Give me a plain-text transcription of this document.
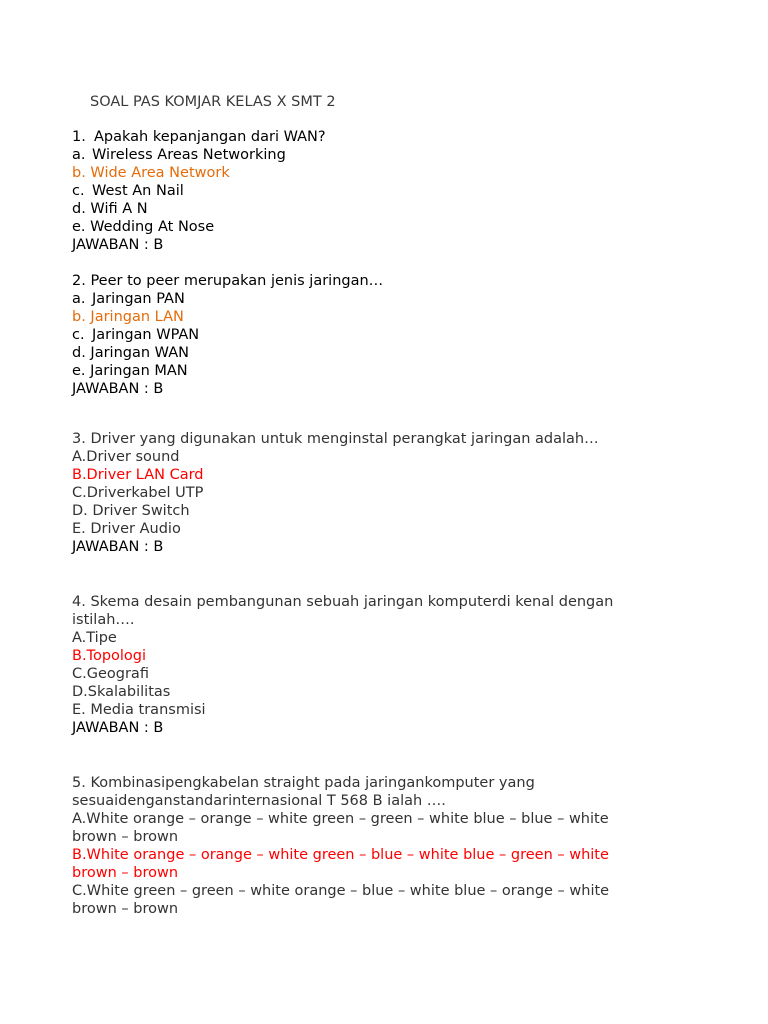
SOAL PAS KOMJAR KELAS X SMT 2
1. Apakah kepanjangan dari WAN?
a. Wireless Areas Networking
b. Wide Area Network
c. West An Nail
d. Wifi A N
e. Wedding At Nose
JAWABAN : B
2. Peer to peer merupakan jenis jaringan…
a. Jaringan PAN
b. Jaringan LAN
c. Jaringan WPAN
d. Jaringan WAN
e. Jaringan MAN
JAWABAN : B
3. Driver yang digunakan untuk menginstal perangkat jaringan adalah…
A.Driver sound
B.Driver LAN Card
C.Driverkabel UTP
D. Driver Switch
E. Driver Audio
JAWABAN : B
4. Skema desain pembangunan sebuah jaringan komputerdi kenal dengan
istilah….
A.Tipe
B.Topologi
C.Geografi
D.Skalabilitas
E. Media transmisi
JAWABAN : B
5. Kombinasipengkabelan straight pada jaringankomputer yang
sesuaidenganstandarinternasional T 568 B ialah ….
A.White orange – orange – white green – green – white blue – blue – white
brown – brown
B.White orange – orange – white green – blue – white blue – green – white
brown – brown
C.White green – green – white orange – blue – white blue – orange – white
brown – brown
